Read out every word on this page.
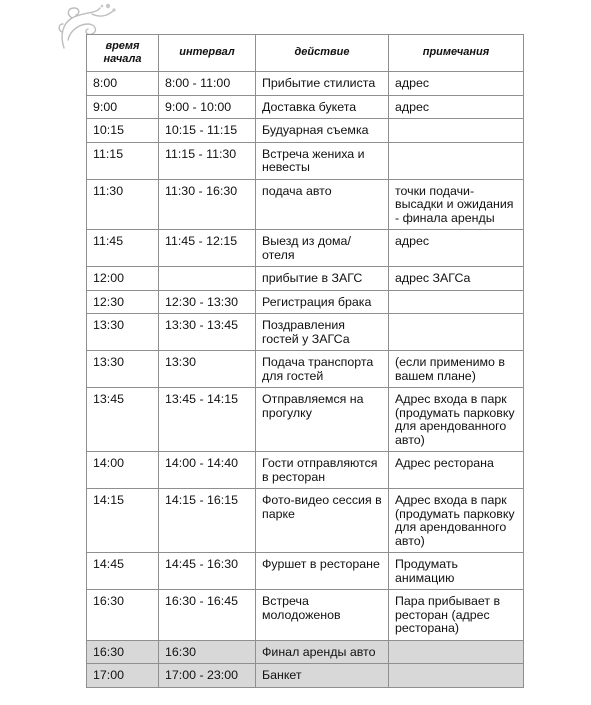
время начала	интервал	действие	примечания
8:00	8:00 - 11:00	Прибытие стилиста	адрес
9:00	9:00 - 10:00	Доставка букета	адрес
10:15	10:15 - 11:15	Будуарная съемка	
11:15	11:15 - 11:30	Встреча жениха и невесты	
11:30	11:30 - 16:30	подача авто	точки подачи-высадки и ожидания - финала аренды
11:45	11:45 - 12:15	Выезд из дома/отеля	адрес
12:00		прибытие в ЗАГС	адрес ЗАГСа
12:30	12:30 - 13:30	Регистрация брака	
13:30	13:30 - 13:45	Поздравления гостей у ЗАГСа	
13:30	13:30	Подача транспорта для гостей	(если применимо в вашем плане)
13:45	13:45 - 14:15	Отправляемся на прогулку	Адрес входа в парк (продумать парковку для арендованного авто)
14:00	14:00 - 14:40	Гости отправляются в ресторан	Адрес ресторана
14:15	14:15 - 16:15	Фото-видео сессия в парке	Адрес входа в парк (продумать парковку для арендованного авто)
14:45	14:45 - 16:30	Фуршет в ресторане	Продумать анимацию
16:30	16:30 - 16:45	Встреча молодоженов	Пара прибывает в ресторан (адрес ресторана)
16:30	16:30	Финал аренды авто	
17:00	17:00 - 23:00	Банкет	
